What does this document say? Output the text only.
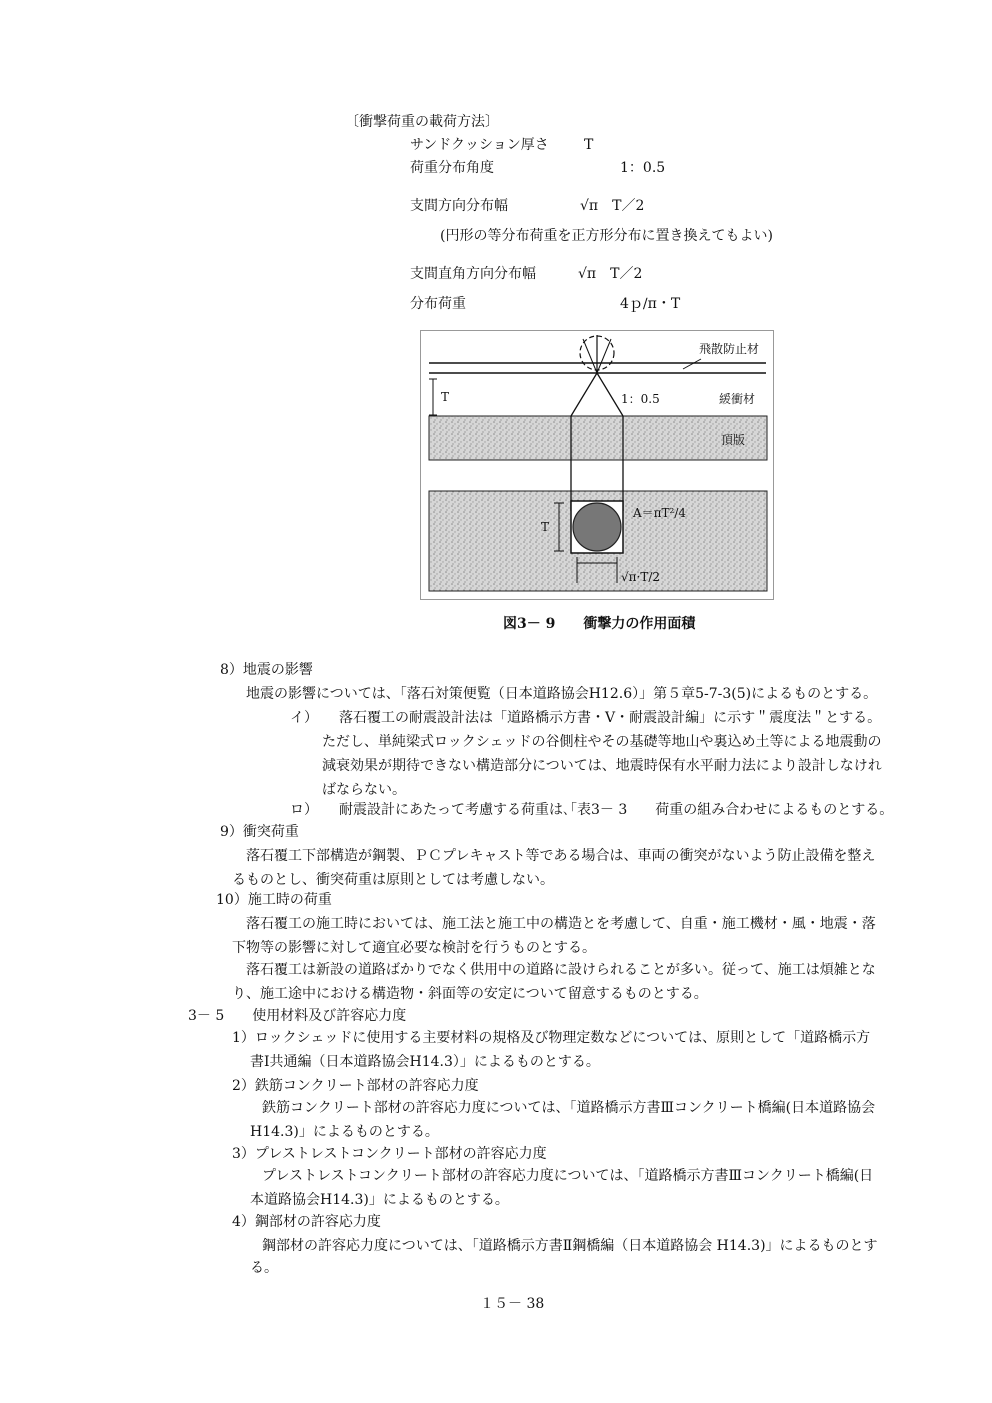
〔衝撃荷重の載荷方法〕
サンドクッション厚さ	T
荷重分布角度	1：0.5
支間方向分布幅	√π　T／2
(円形の等分布荷重を正方形分布に置き換えてもよい)
支間直角方向分布幅	√π　T／2
分布荷重	4ｐ∕π・T
飛散防止材
緩衝材
頂版
T	1：0.5
A＝πT²/4
T
√π·T/2
図3－ 9　　衝撃力の作用面積
8）地震の影響
地震の影響については、「落石対策便覧（日本道路協会H12.6）」第５章5-7-3(5)によるものとする。
イ）　　落石覆工の耐震設計法は「道路橋示方書・Ⅴ・耐震設計編」に示す＂震度法＂とする。
ただし、単純梁式ロックシェッドの谷側柱やその基礎等地山や裏込め土等による地震動の
減衰効果が期待できない構造部分については、地震時保有水平耐力法により設計しなけれ
ばならない。
ロ）　　耐震設計にあたって考慮する荷重は､｢表3－ 3　　荷重の組み合わせによるものとする。
9）衝突荷重
落石覆工下部構造が鋼製、ＰＣプレキャスト等である場合は、車両の衝突がないよう防止設備を整え
るものとし、衝突荷重は原則としては考慮しない。
10）施工時の荷重
落石覆工の施工時においては、施工法と施工中の構造とを考慮して、自重・施工機材・風・地震・落
下物等の影響に対して適宜必要な検討を行うものとする。
落石覆工は新設の道路ばかりでなく供用中の道路に設けられることが多い。従って、施工は煩雑とな
り、施工途中における構造物・斜面等の安定について留意するものとする。
3－ 5　　使用材料及び許容応力度
1）ロックシェッドに使用する主要材料の規格及び物理定数などについては、原則として「道路橋示方
書Ⅰ共通編（日本道路協会H14.3）」によるものとする。
2）鉄筋コンクリート部材の許容応力度
鉄筋コンクリート部材の許容応力度については、「道路橋示方書Ⅲコンクリート橋編(日本道路協会
H14.3)」によるものとする。
3）プレストレストコンクリート部材の許容応力度
プレストレストコンクリート部材の許容応力度については、「道路橋示方書Ⅲコンクリート橋編(日
本道路協会H14.3)」によるものとする。
4）鋼部材の許容応力度
鋼部材の許容応力度については、「道路橋示方書Ⅱ鋼橋編（日本道路協会 H14.3)」によるものとす
る。
１５－ 38
